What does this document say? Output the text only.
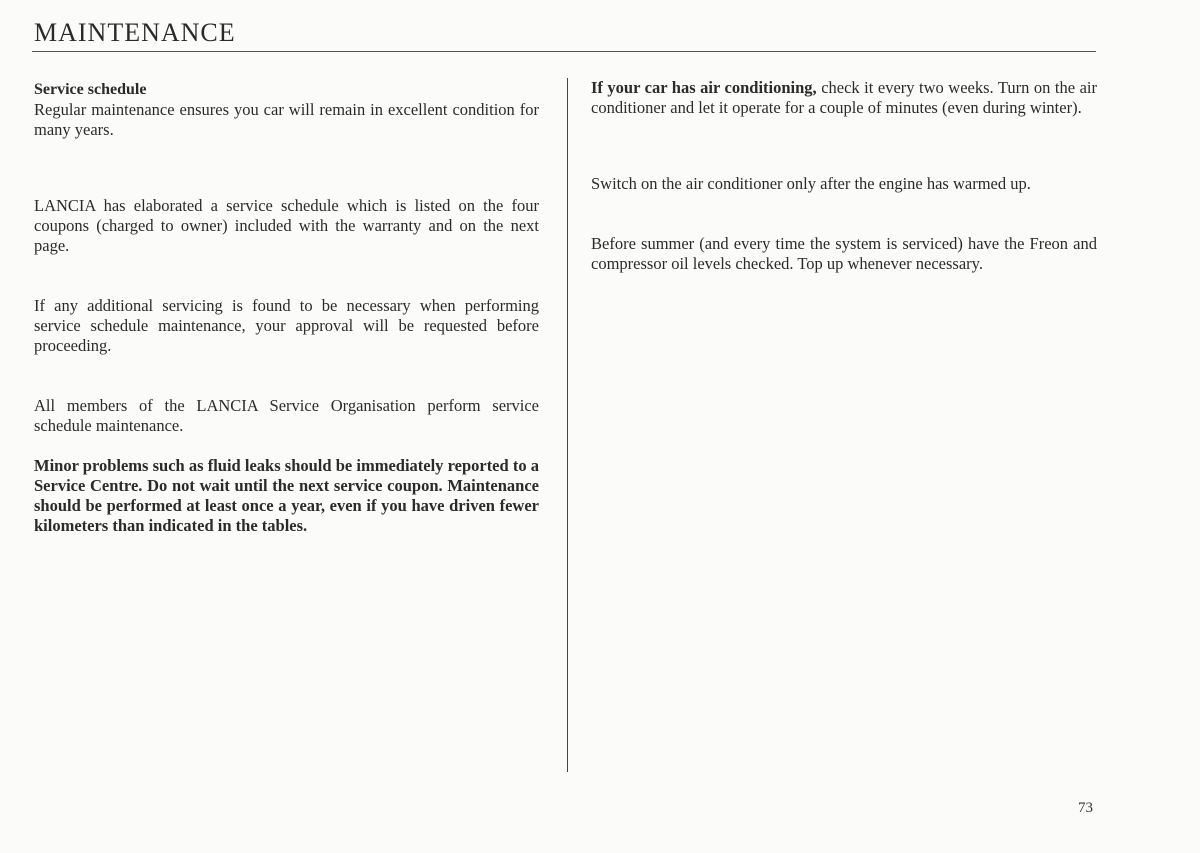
MAINTENANCE

Service schedule

Regular maintenance ensures you car will remain in excellent condition for many years.

LANCIA has elaborated a service schedule which is listed on the four coupons (charged to owner) included with the warranty and on the next page.

If any additional servicing is found to be necessary when performing service schedule maintenance, your approval will be requested before proceeding.

All members of the LANCIA Service Organisation perform service schedule maintenance.

Minor problems such as fluid leaks should be immediately reported to a Service Centre. Do not wait until the next service coupon. Maintenance should be performed at least once a year, even if you have driven fewer kilometers than indicated in the tables.

If your car has air conditioning, check it every two weeks. Turn on the air conditioner and let it operate for a couple of minutes (even during winter).

Switch on the air conditioner only after the engine has warmed up.

Before summer (and every time the system is serviced) have the Freon and compressor oil levels checked. Top up whenever necessary.

73
